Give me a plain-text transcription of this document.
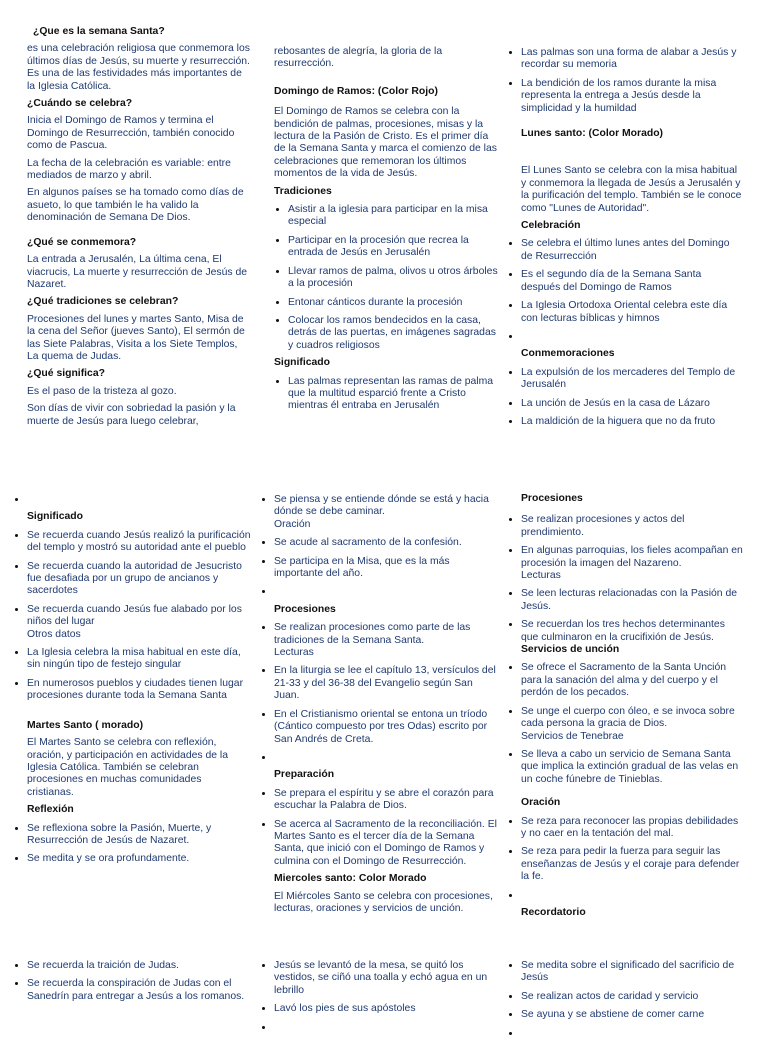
¿Que es la semana Santa?

es una celebración religiosa que conmemora los últimos días de Jesús, su muerte y resurrección. Es una de las festividades más importantes de la Iglesia Católica.

¿Cuándo se celebra?

Inicia el Domingo de Ramos y termina el Domingo de Resurrección, también conocido como de Pascua.

La fecha de la celebración es variable: entre mediados de marzo y abril.

En algunos países se ha tomado como días de asueto, lo que también le ha valido la denominación de Semana De Dios.

¿Qué se conmemora?

La entrada a Jerusalén, La última cena, El viacrucis, La muerte y resurrección de Jesús de Nazaret.

¿Qué tradiciones se celebran?

Procesiones del lunes y martes Santo, Misa de la cena del Señor (jueves Santo), El sermón de las Siete Palabras, Visita a los Siete Templos, La quema de Judas.

¿Qué significa?

Es el paso de la tristeza al gozo.

Son días de vivir con sobriedad la pasión y la muerte de Jesús para luego celebrar,

rebosantes de alegría, la gloria de la resurrección.

Domingo de Ramos: (Color Rojo)

El Domingo de Ramos se celebra con la bendición de palmas, procesiones, misas y la lectura de la Pasión de Cristo. Es el primer día de la Semana Santa y marca el comienzo de las celebraciones que rememoran los últimos momentos de la vida de Jesús.

Tradiciones
• Asistir a la iglesia para participar en la misa especial
• Participar en la procesión que recrea la entrada de Jesús en Jerusalén
• Llevar ramos de palma, olivos u otros árboles a la procesión
• Entonar cánticos durante la procesión
• Colocar los ramos bendecidos en la casa, detrás de las puertas, en imágenes sagradas y cuadros religiosos
Significado
• Las palmas representan las ramas de palma que la multitud esparció frente a Cristo mientras él entraba en Jerusalén
• Las palmas son una forma de alabar a Jesús y recordar su memoria
• La bendición de los ramos durante la misa representa la entrega a Jesús desde la simplicidad y la humildad
Lunes santo: (Color Morado)

El Lunes Santo se celebra con la misa habitual y conmemora la llegada de Jesús a Jerusalén y la purificación del templo. También se le conoce como "Lunes de Autoridad".

Celebración
• Se celebra el último lunes antes del Domingo de Resurrección
• Es el segundo día de la Semana Santa después del Domingo de Ramos
• La Iglesia Ortodoxa Oriental celebra este día con lecturas bíblicas y himnos
•
Conmemoraciones
• La expulsión de los mercaderes del Templo de Jerusalén
• La unción de Jesús en la casa de Lázaro
• La maldición de la higuera que no da fruto
•
Significado
• Se recuerda cuando Jesús realizó la purificación del templo y mostró su autoridad ante el pueblo
• Se recuerda cuando la autoridad de Jesucristo fue desafiada por un grupo de ancianos y sacerdotes
• Se recuerda cuando Jesús fue alabado por los niños del lugar
Otros datos
• La Iglesia celebra la misa habitual en este día, sin ningún tipo de festejo singular
• En numerosos pueblos y ciudades tienen lugar procesiones durante toda la Semana Santa
Martes Santo ( morado)

El Martes Santo se celebra con reflexión, oración, y participación en actividades de la Iglesia Católica. También se celebran procesiones en muchas comunidades cristianas.

Reflexión
• Se reflexiona sobre la Pasión, Muerte, y Resurrección de Jesús de Nazaret.
• Se medita y se ora profundamente.
• Se piensa y se entiende dónde se está y hacia dónde se debe caminar.
Oración
• Se acude al sacramento de la confesión.
• Se participa en la Misa, que es la más importante del año.
•
Procesiones
• Se realizan procesiones como parte de las tradiciones de la Semana Santa.
Lecturas
• En la liturgia se lee el capítulo 13, versículos del 21-33 y del 36-38 del Evangelio según San Juan.
• En el Cristianismo oriental se entona un tríodo (Cántico compuesto por tres Odas) escrito por San Andrés de Creta.
•
Preparación
• Se prepara el espíritu y se abre el corazón para escuchar la Palabra de Dios.
• Se acerca al Sacramento de la reconciliación. El Martes Santo es el tercer día de la Semana Santa, que inició con el Domingo de Ramos y culmina con el Domingo de Resurrección.
Miercoles santo: Color Morado

El Miércoles Santo se celebra con procesiones, lecturas, oraciones y servicios de unción.

Procesiones
• Se realizan procesiones y actos del prendimiento.
• En algunas parroquias, los fieles acompañan en procesión la imagen del Nazareno.
Lecturas
• Se leen lecturas relacionadas con la Pasión de Jesús.
• Se recuerdan los tres hechos determinantes que culminaron en la crucifixión de Jesús.
Servicios de unción
• Se ofrece el Sacramento de la Santa Unción para la sanación del alma y del cuerpo y el perdón de los pecados.
• Se unge el cuerpo con óleo, e se invoca sobre cada persona la gracia de Dios.
Servicios de Tenebrae
• Se lleva a cabo un servicio de Semana Santa que implica la extinción gradual de las velas en un coche fúnebre de Tinieblas.
Oración
• Se reza para reconocer las propias debilidades y no caer en la tentación del mal.
• Se reza para pedir la fuerza para seguir las enseñanzas de Jesús y el coraje para defender la fe.
•
Recordatorio
• Se recuerda la traición de Judas.
• Se recuerda la conspiración de Judas con el Sanedrín para entregar a Jesús a los romanos.
• Jesús se levantó de la mesa, se quitó los vestidos, se ciñó una toalla y echó agua en un lebrillo
• Lavó los pies de sus apóstoles
•
• Se medita sobre el significado del sacrificio de Jesús
• Se realizan actos de caridad y servicio
• Se ayuna y se abstiene de comer carne
•
